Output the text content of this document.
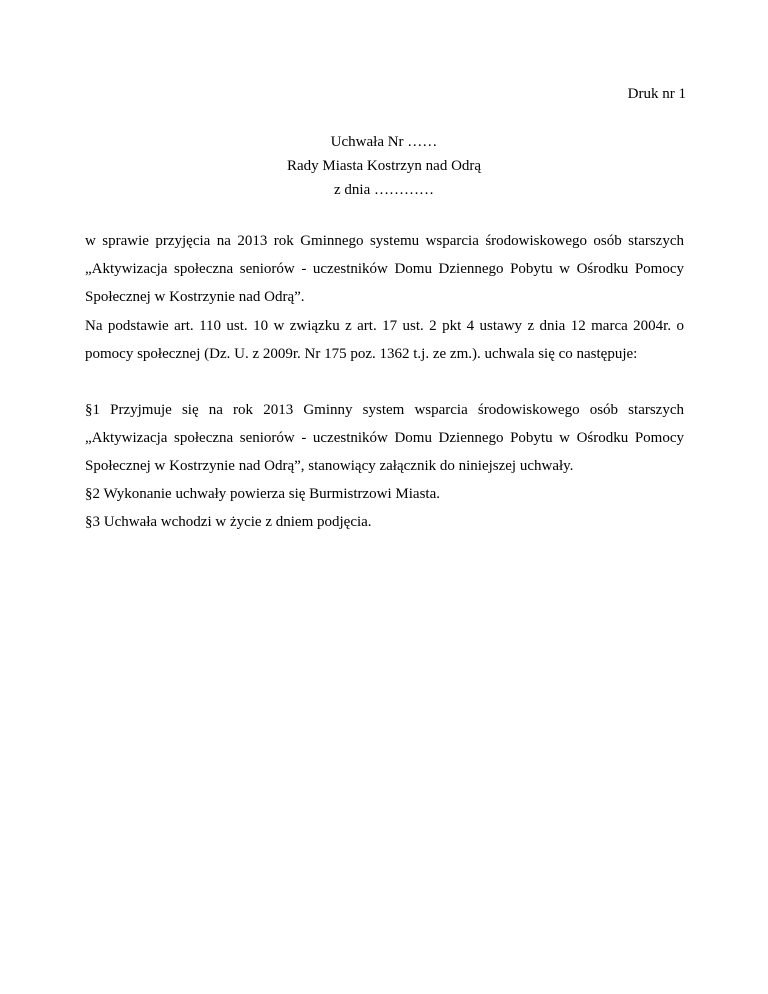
Druk nr 1
Uchwała Nr ……
Rady Miasta Kostrzyn nad Odrą
z dnia …………

w sprawie przyjęcia na 2013 rok Gminnego systemu wsparcia środowiskowego osób starszych „Aktywizacja społeczna seniorów - uczestników Domu Dziennego Pobytu w Ośrodku Pomocy Społecznej w Kostrzynie nad Odrą”.

Na podstawie art. 110 ust. 10 w związku z art. 17 ust. 2 pkt 4 ustawy z dnia 12 marca 2004r. o pomocy społecznej (Dz. U. z 2009r. Nr 175 poz. 1362 t.j. ze zm.). uchwala się co następuje:

§1 Przyjmuje się na rok 2013 Gminny system wsparcia środowiskowego osób starszych „Aktywizacja społeczna seniorów - uczestników Domu Dziennego Pobytu w Ośrodku Pomocy Społecznej w Kostrzynie nad Odrą”, stanowiący załącznik do niniejszej uchwały.

§2 Wykonanie uchwały powierza się Burmistrzowi Miasta.

§3 Uchwała wchodzi w życie z dniem podjęcia.
